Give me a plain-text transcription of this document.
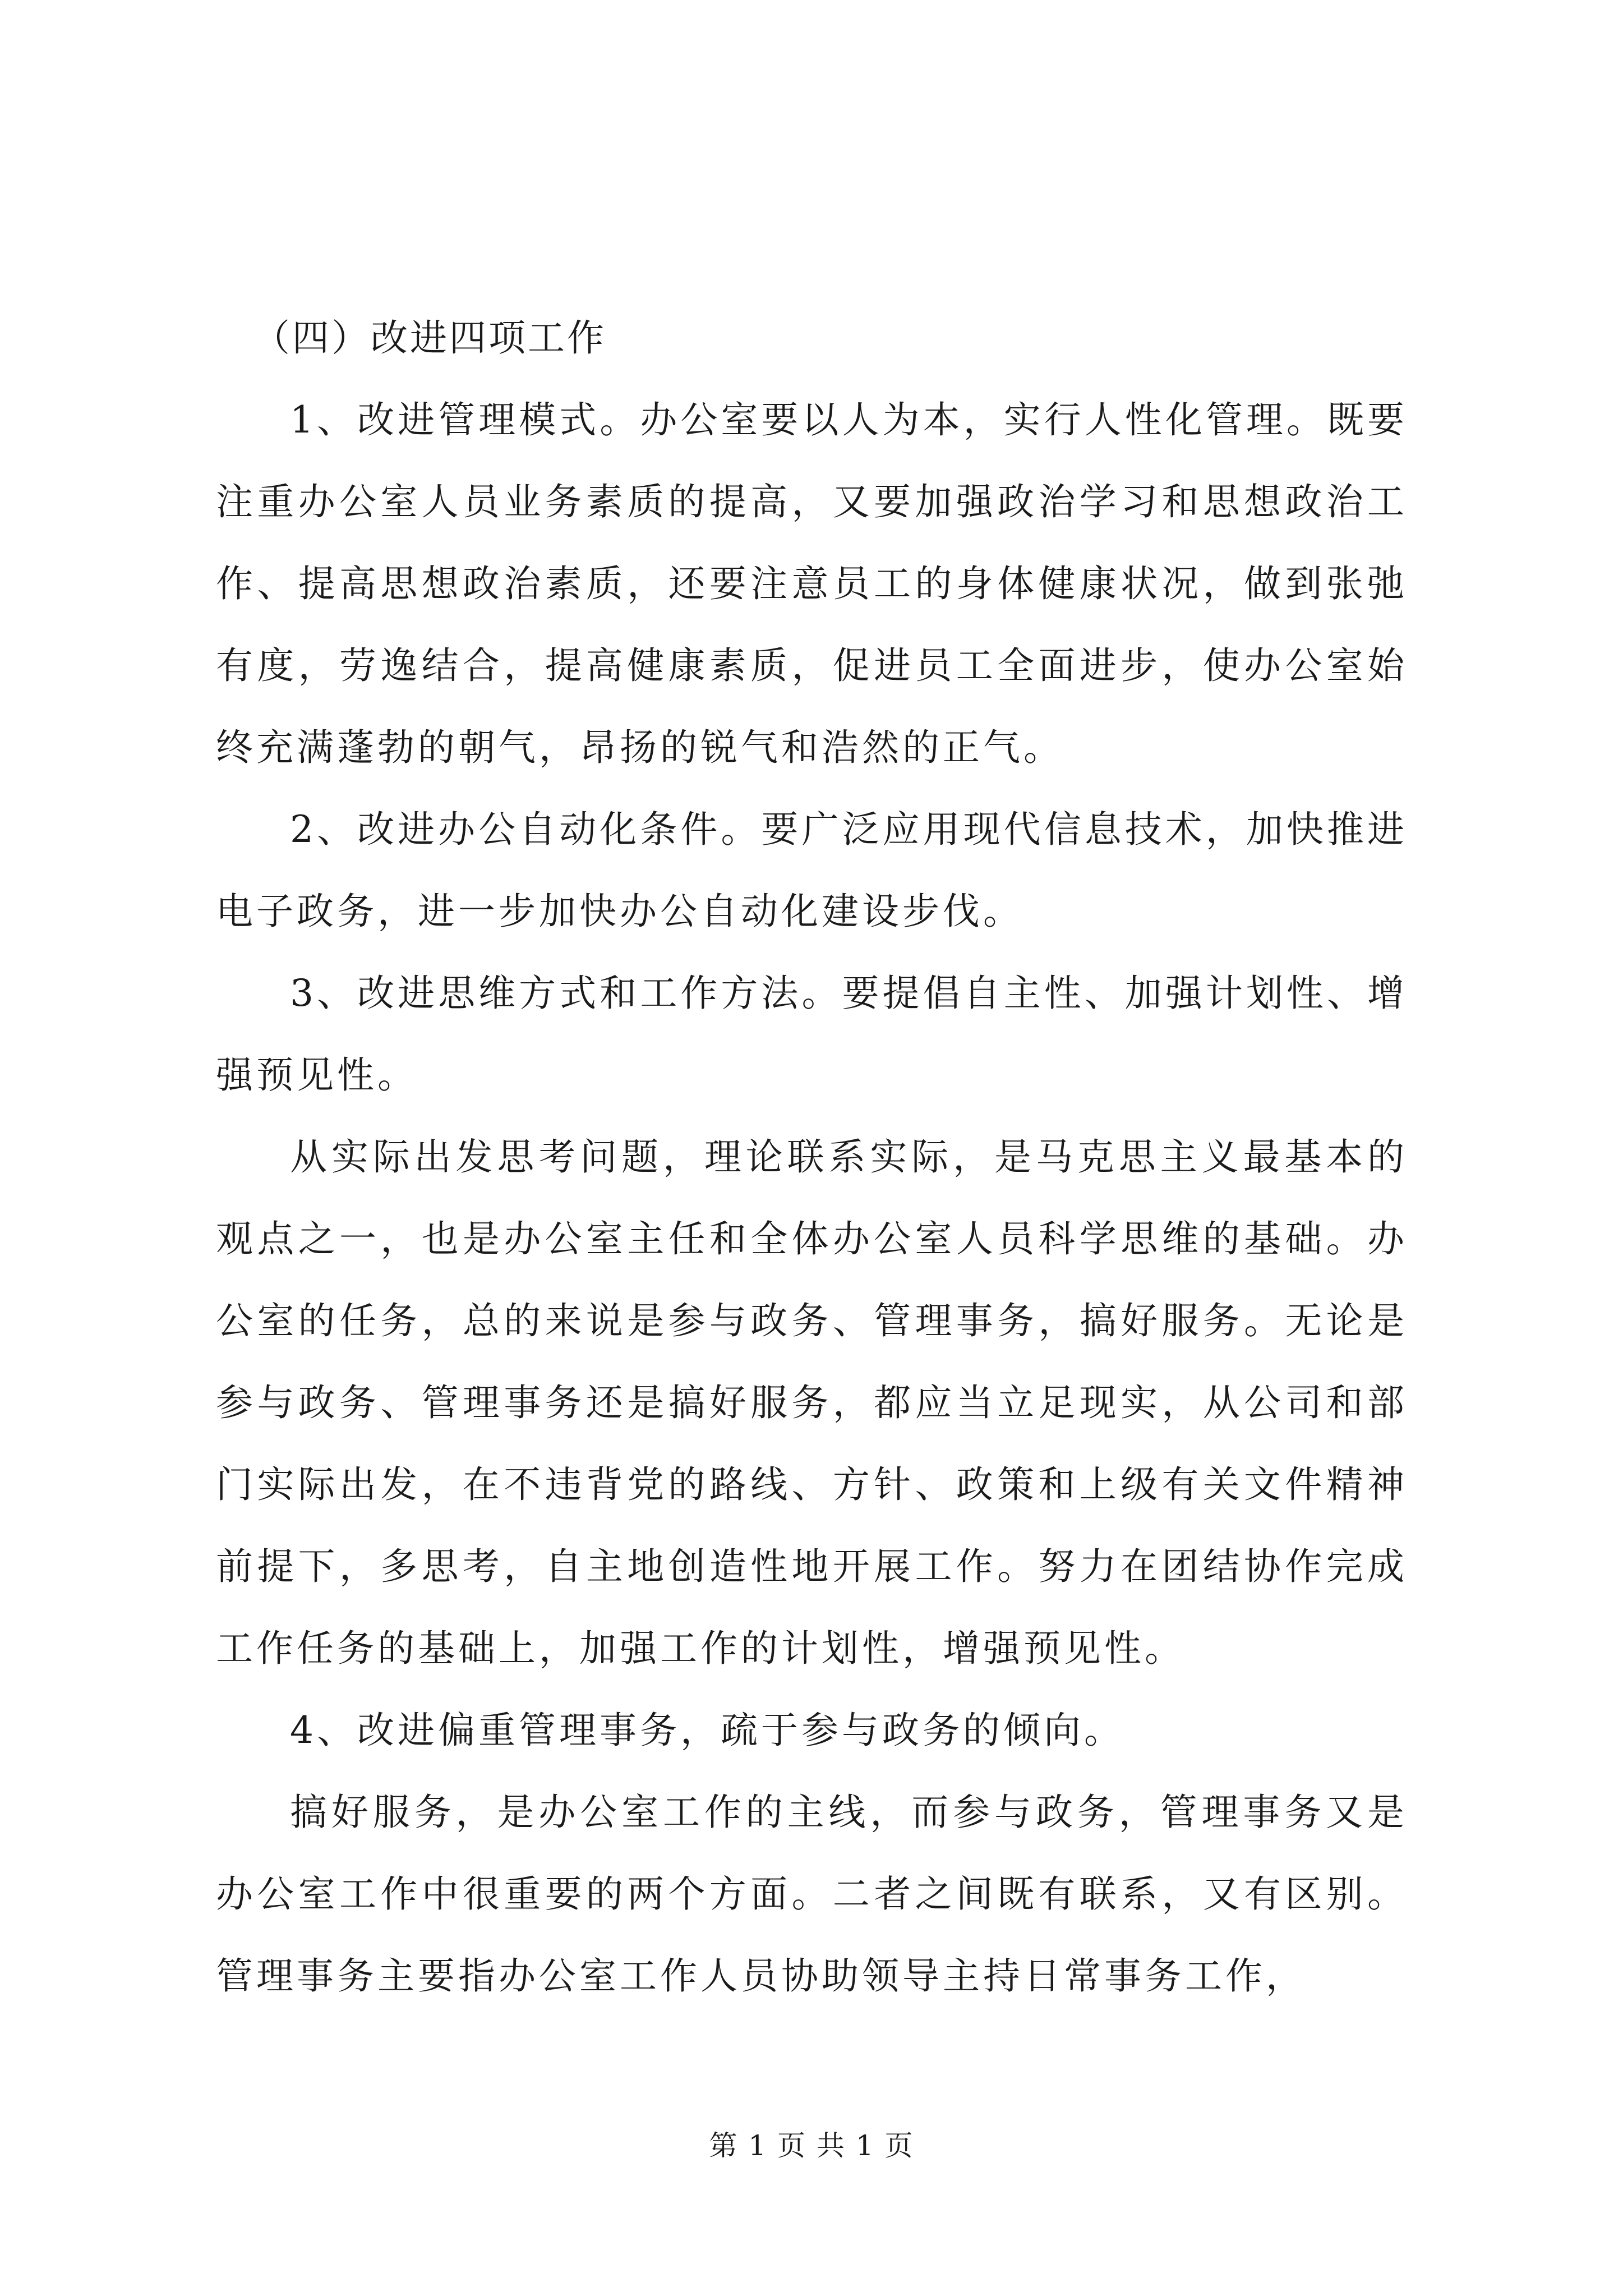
（四）改进四项工作

1、改进管理模式。办公室要以人为本，实行人性化管理。既要注重办公室人员业务素质的提高，又要加强政治学习和思想政治工作、提高思想政治素质，还要注意员工的身体健康状况，做到张弛有度，劳逸结合，提高健康素质，促进员工全面进步，使办公室始终充满蓬勃的朝气，昂扬的锐气和浩然的正气。

2、改进办公自动化条件。要广泛应用现代信息技术，加快推进电子政务，进一步加快办公自动化建设步伐。

3、改进思维方式和工作方法。要提倡自主性、加强计划性、增强预见性。

从实际出发思考问题，理论联系实际，是马克思主义最基本的观点之一，也是办公室主任和全体办公室人员科学思维的基础。办公室的任务，总的来说是参与政务、管理事务，搞好服务。无论是参与政务、管理事务还是搞好服务，都应当立足现实，从公司和部门实际出发，在不违背党的路线、方针、政策和上级有关文件精神前提下，多思考，自主地创造性地开展工作。努力在团结协作完成工作任务的基础上，加强工作的计划性，增强预见性。

4、改进偏重管理事务，疏于参与政务的倾向。

搞好服务，是办公室工作的主线，而参与政务，管理事务又是办公室工作中很重要的两个方面。二者之间既有联系，又有区别。管理事务主要指办公室工作人员协助领导主持日常事务工作，

第 1 页 共 1 页
